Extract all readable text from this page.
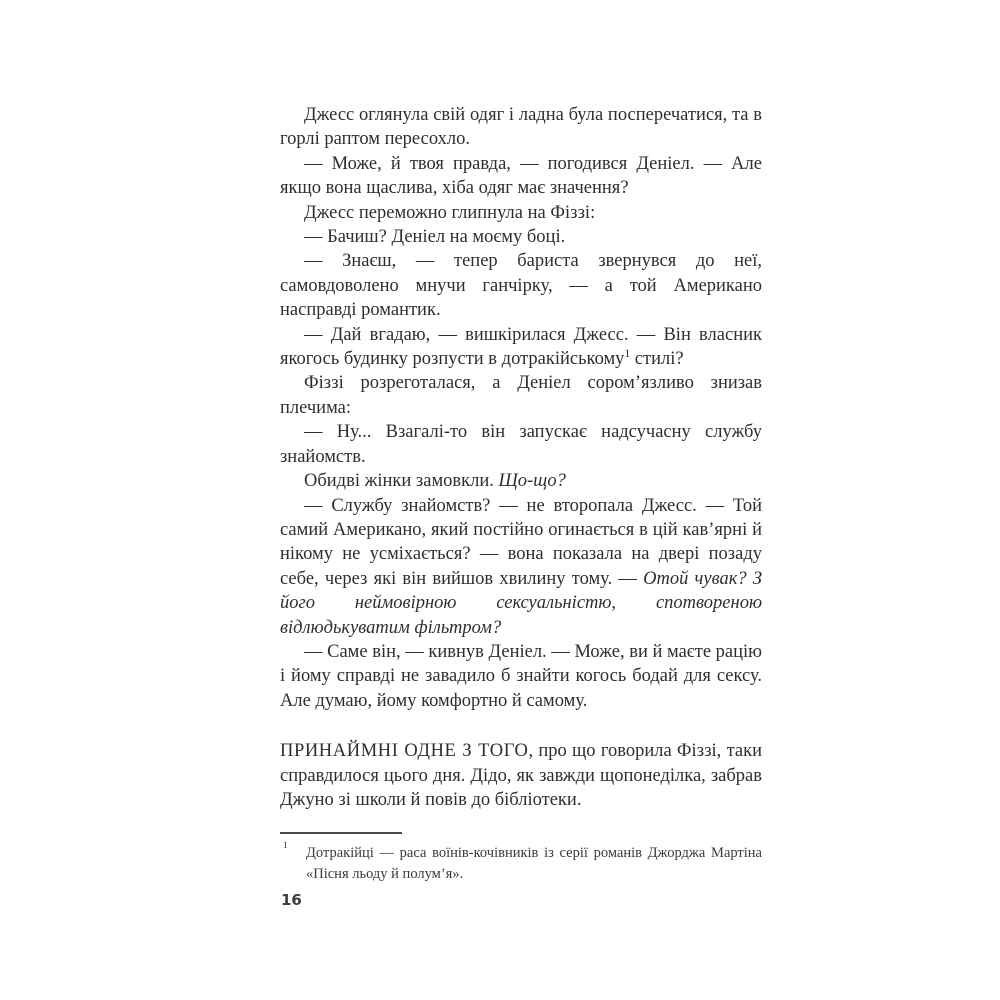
Джесс оглянула свій одяг і ладна була посперечатися, та в горлі раптом пересохло.

— Може, й твоя правда, — погодився Деніел. — Але якщо вона щаслива, хіба одяг має значення?

Джесс переможно глипнула на Фіззі:

— Бачиш? Деніел на моєму боці.

— Знаєш, — тепер бариста звернувся до неї, самовдоволено мнучи ганчірку, — а той Американо насправді романтик.

— Дай вгадаю, — вишкірилася Джесс. — Він власник якогось будинку розпусти в дотракійському$^1$ стилі?

Фіззі розреготалася, а Деніел сором’язливо знизав плечима:

— Ну... Взагалі-то він запускає надсучасну службу знайомств.

Обидві жінки замовкли. Що-що?

— Службу знайомств? — не второпала Джесс. — Той самий Американо, який постійно огинається в цій кав’ярні й нікому не усміхається? — вона показала на двері позаду себе, через які він вийшов хвилину тому. — Отой чувак? З його неймовірною сексуальністю, спотвореною відлюдькуватим фільтром?

— Саме він, — кивнув Деніел. — Може, ви й маєте рацію і йому справді не завадило б знайти когось бодай для сексу. Але думаю, йому комфортно й самому.

ПРИНАЙМНІ ОДНЕ З ТОГО, про що говорила Фіззі, таки справдилося цього дня. Дідо, як завжди щопонеділка, забрав Джуно зі школи й повів до бібліотеки.

1 Дотракійці — раса воїнів-кочівників із серії романів Джорджа Мартіна «Пісня льоду й полум’я».
16
